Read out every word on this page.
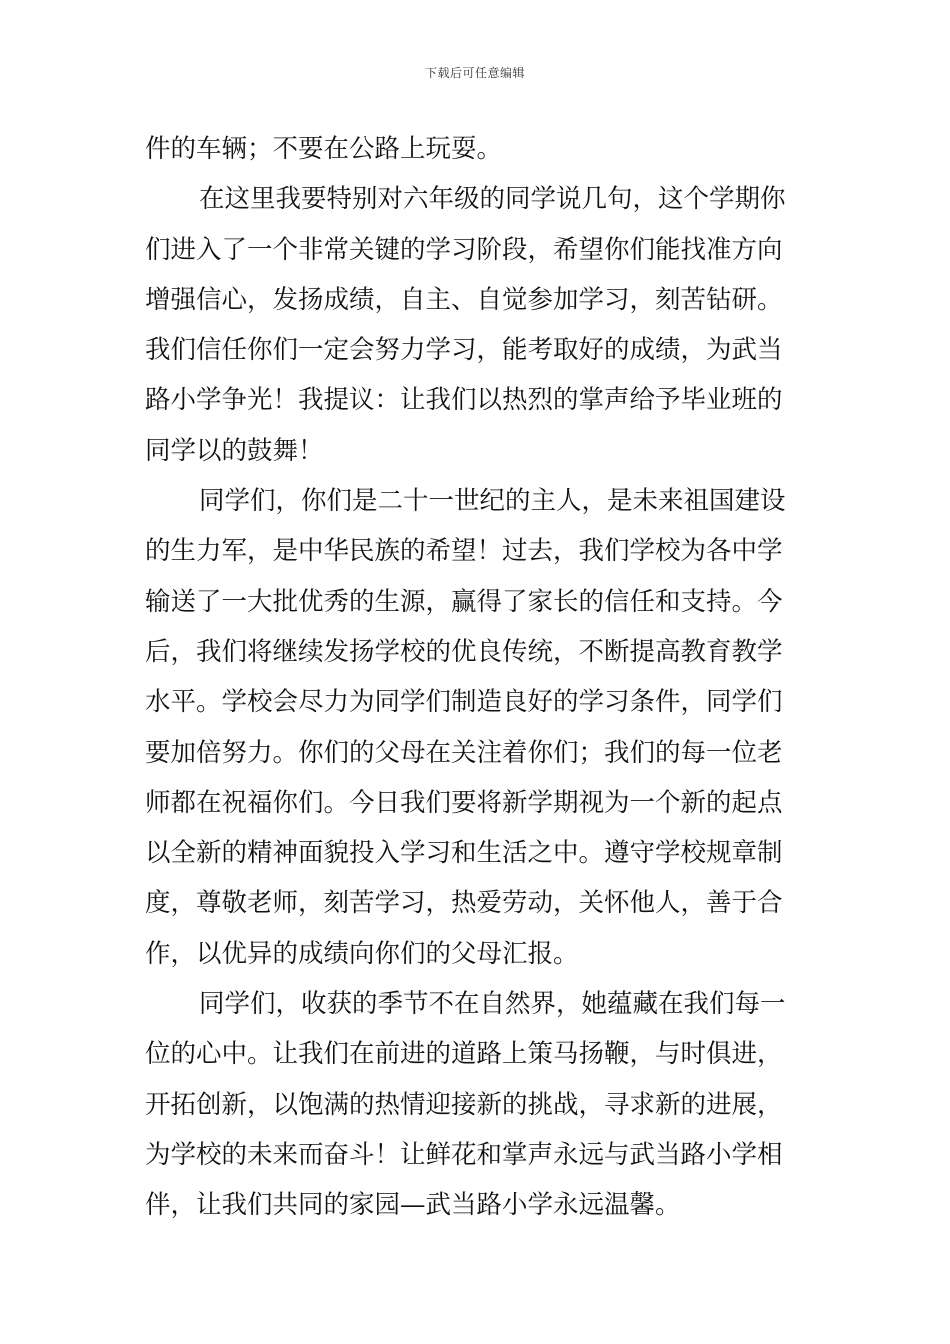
下载后可任意编辑
件的车辆；不要在公路上玩耍。
在这里我要特别对六年级的同学说几句，这个学期你
们进入了一个非常关键的学习阶段，希望你们能找准方向
增强信心，发扬成绩，自主、自觉参加学习，刻苦钻研。
我们信任你们一定会努力学习，能考取好的成绩，为武当
路小学争光！我提议：让我们以热烈的掌声给予毕业班的
同学以的鼓舞！
同学们，你们是二十一世纪的主人，是未来祖国建设
的生力军，是中华民族的希望！过去，我们学校为各中学
输送了一大批优秀的生源，赢得了家长的信任和支持。今
后，我们将继续发扬学校的优良传统，不断提高教育教学
水平。学校会尽力为同学们制造良好的学习条件，同学们
要加倍努力。你们的父母在关注着你们；我们的每一位老
师都在祝福你们。今日我们要将新学期视为一个新的起点
以全新的精神面貌投入学习和生活之中。遵守学校规章制
度，尊敬老师，刻苦学习，热爱劳动，关怀他人，善于合
作，以优异的成绩向你们的父母汇报。
同学们，收获的季节不在自然界，她蕴藏在我们每一
位的心中。让我们在前进的道路上策马扬鞭，与时俱进，
开拓创新，以饱满的热情迎接新的挑战，寻求新的进展，
为学校的未来而奋斗！让鲜花和掌声永远与武当路小学相
伴，让我们共同的家园—武当路小学永远温馨。
